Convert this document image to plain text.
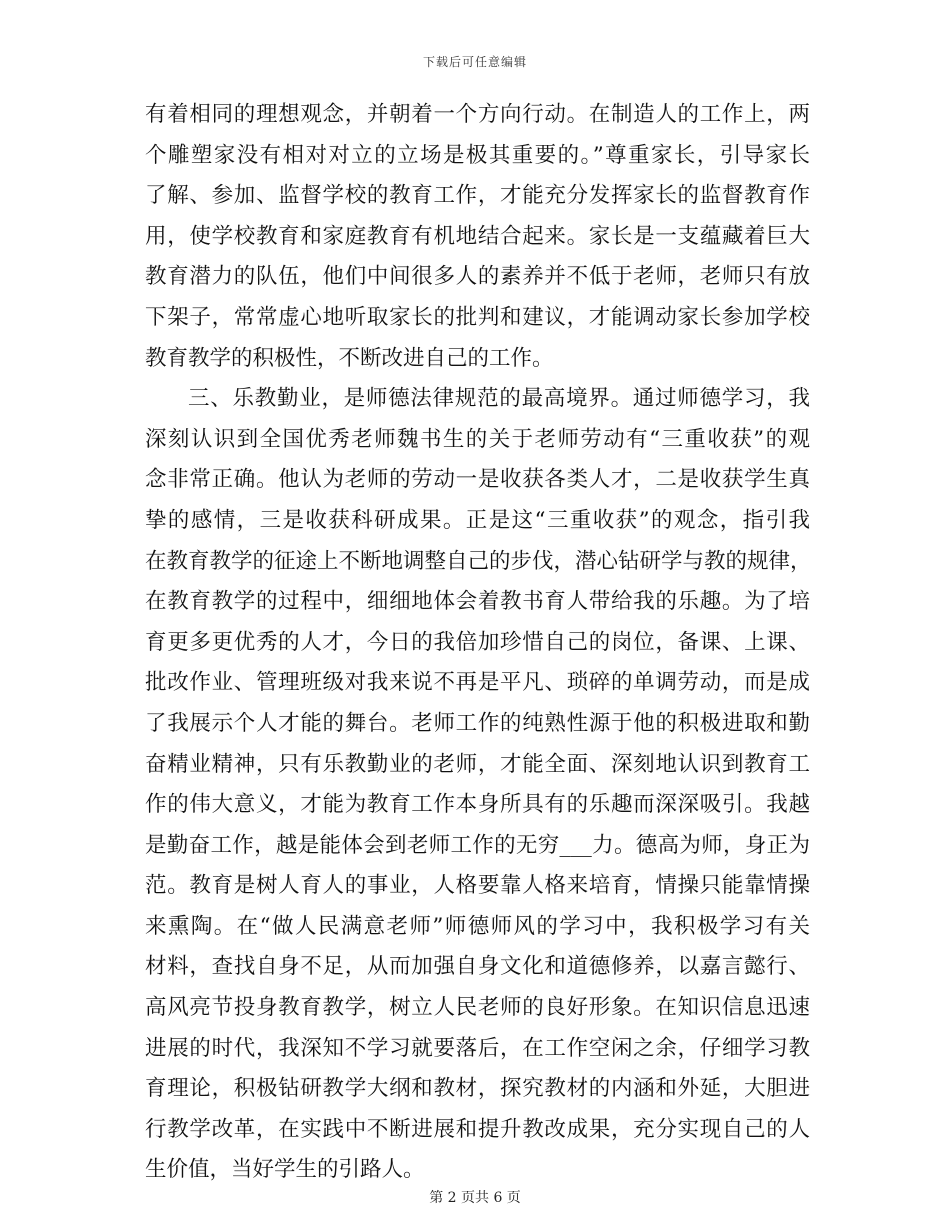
下载后可任意编辑
有着相同的理想观念，并朝着一个方向行动。在制造人的工作上，两
个雕塑家没有相对对立的立场是极其重要的。”尊重家长，引导家长
了解、参加、监督学校的教育工作，才能充分发挥家长的监督教育作
用，使学校教育和家庭教育有机地结合起来。家长是一支蕴藏着巨大
教育潜力的队伍，他们中间很多人的素养并不低于老师，老师只有放
下架子，常常虚心地听取家长的批判和建议，才能调动家长参加学校
教育教学的积极性，不断改进自己的工作。
三、乐教勤业，是师德法律规范的最高境界。通过师德学习，我
深刻认识到全国优秀老师魏书生的关于老师劳动有“三重收获”的观
念非常正确。他认为老师的劳动一是收获各类人才，二是收获学生真
挚的感情，三是收获科研成果。正是这“三重收获”的观念，指引我
在教育教学的征途上不断地调整自己的步伐，潜心钻研学与教的规律，
在教育教学的过程中，细细地体会着教书育人带给我的乐趣。为了培
育更多更优秀的人才，今日的我倍加珍惜自己的岗位，备课、上课、
批改作业、管理班级对我来说不再是平凡、琐碎的单调劳动，而是成
了我展示个人才能的舞台。老师工作的纯熟性源于他的积极进取和勤
奋精业精神，只有乐教勤业的老师，才能全面、深刻地认识到教育工
作的伟大意义，才能为教育工作本身所具有的乐趣而深深吸引。我越
是勤奋工作，越是能体会到老师工作的无穷___力。德高为师，身正为
范。教育是树人育人的事业，人格要靠人格来培育，情操只能靠情操
来熏陶。在“做人民满意老师”师德师风的学习中，我积极学习有关
材料，查找自身不足，从而加强自身文化和道德修养，以嘉言懿行、
高风亮节投身教育教学，树立人民老师的良好形象。在知识信息迅速
进展的时代，我深知不学习就要落后，在工作空闲之余，仔细学习教
育理论，积极钻研教学大纲和教材，探究教材的内涵和外延，大胆进
行教学改革，在实践中不断进展和提升教改成果，充分实现自己的人
生价值，当好学生的引路人。
第 2 页共 6 页
